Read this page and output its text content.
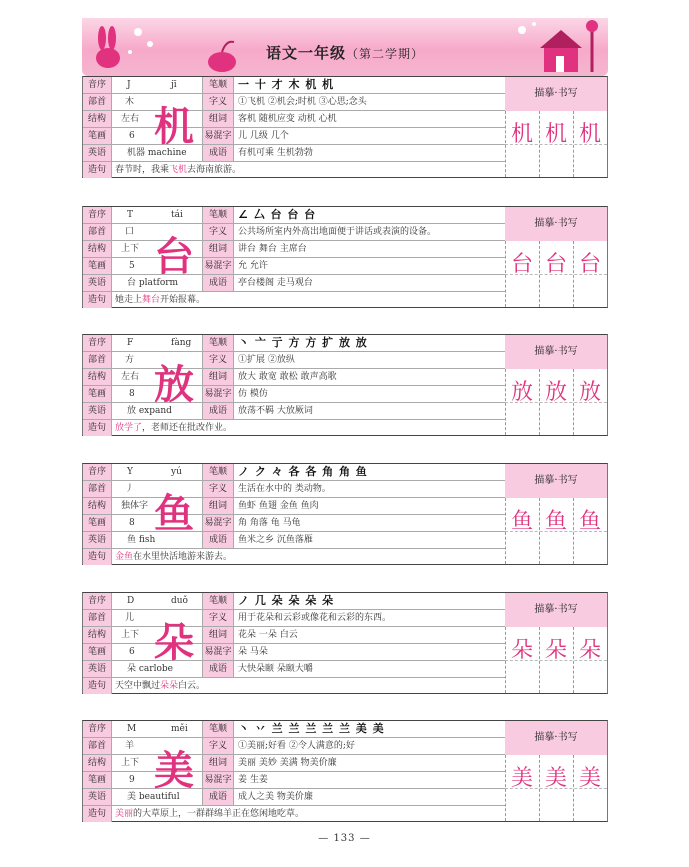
语文一年级（第二学期）
音序	J	jī	笔顺	一 十 才 木 机 机
部首	木	字义	①飞机 ②机会;时机 ③心思;念头
结构	左右	组词	客机 随机应变 动机 心机
笔画	6	易混字 儿 几级 几个
英语	机器 machine	成语	有机可乘 生机勃勃
造句	春节时，我乘飞机去海南旅游。
机
描摹·书写
机 机 机
音序	T	tái	笔顺	∠ 厶 台 台 台
部首	口	字义	公共场所室内外高出地面便于讲话或表演的设备。
结构	上下	组词	讲台 舞台 主席台
笔画	5	易混字 允 允许
英语	台 platform	成语	亭台楼阁 走马观台
造句	她走上舞台开始报幕。
台
描摹·书写
台 台 台
音序	F	fàng	笔顺	丶 亠 亍 方 方 扩 放 放
部首	方	字义	①扩展 ②放纵
结构	左右	组词	放大 敢宽 敢松 敢声高歌
笔画	8	易混字 仿 模仿
英语	放 expand	成语	放荡不羁 大放厥词
造句	放学了，老师还在批改作业。
放
描摹·书写
放 放 放
音序	Y	yú	笔顺	ノ ク 々 各 各 角 角 鱼
部首	丿	字义	生活在水中的 类动物。
结构	独体字	组词	鱼虾 鱼翅 金鱼 鱼肉
笔画	8	易混字 角 角落 龟 马龟
英语	鱼 fish	成语	鱼米之乡 沉鱼落雁
造句	金鱼在水里快活地游来游去。
鱼
描摹·书写
鱼 鱼 鱼
音序	D	duǒ	笔顺	ノ 几 朵 朵 朵 朵
部首	儿	字义	用于花朵和云彩或像花和云彩的东西。
结构	上下	组词	花朵 一朵 白云
笔画	6	易混字 朵 马朵
英语	朵 carlobe	成语	大快朵颐 朵颐大嚼
造句	天空中飘过朵朵白云。
朵
描摹·书写
朵 朵 朵
音序	M	měi	笔顺	丶 丷 兰 兰 兰 兰 兰 美 美
部首	羊	字义	①美丽;好看 ②令人满意的;好
结构	上下	组词	美丽 美妙 美满 物美价廉
笔画	9	易混字 姜 生姜
英语	美 beautiful	成语	成人之美 物美价廉
造句	美丽的大草原上，一群群绵羊正在悠闲地吃草。
美
描摹·书写
美 美 美
— 133 —
